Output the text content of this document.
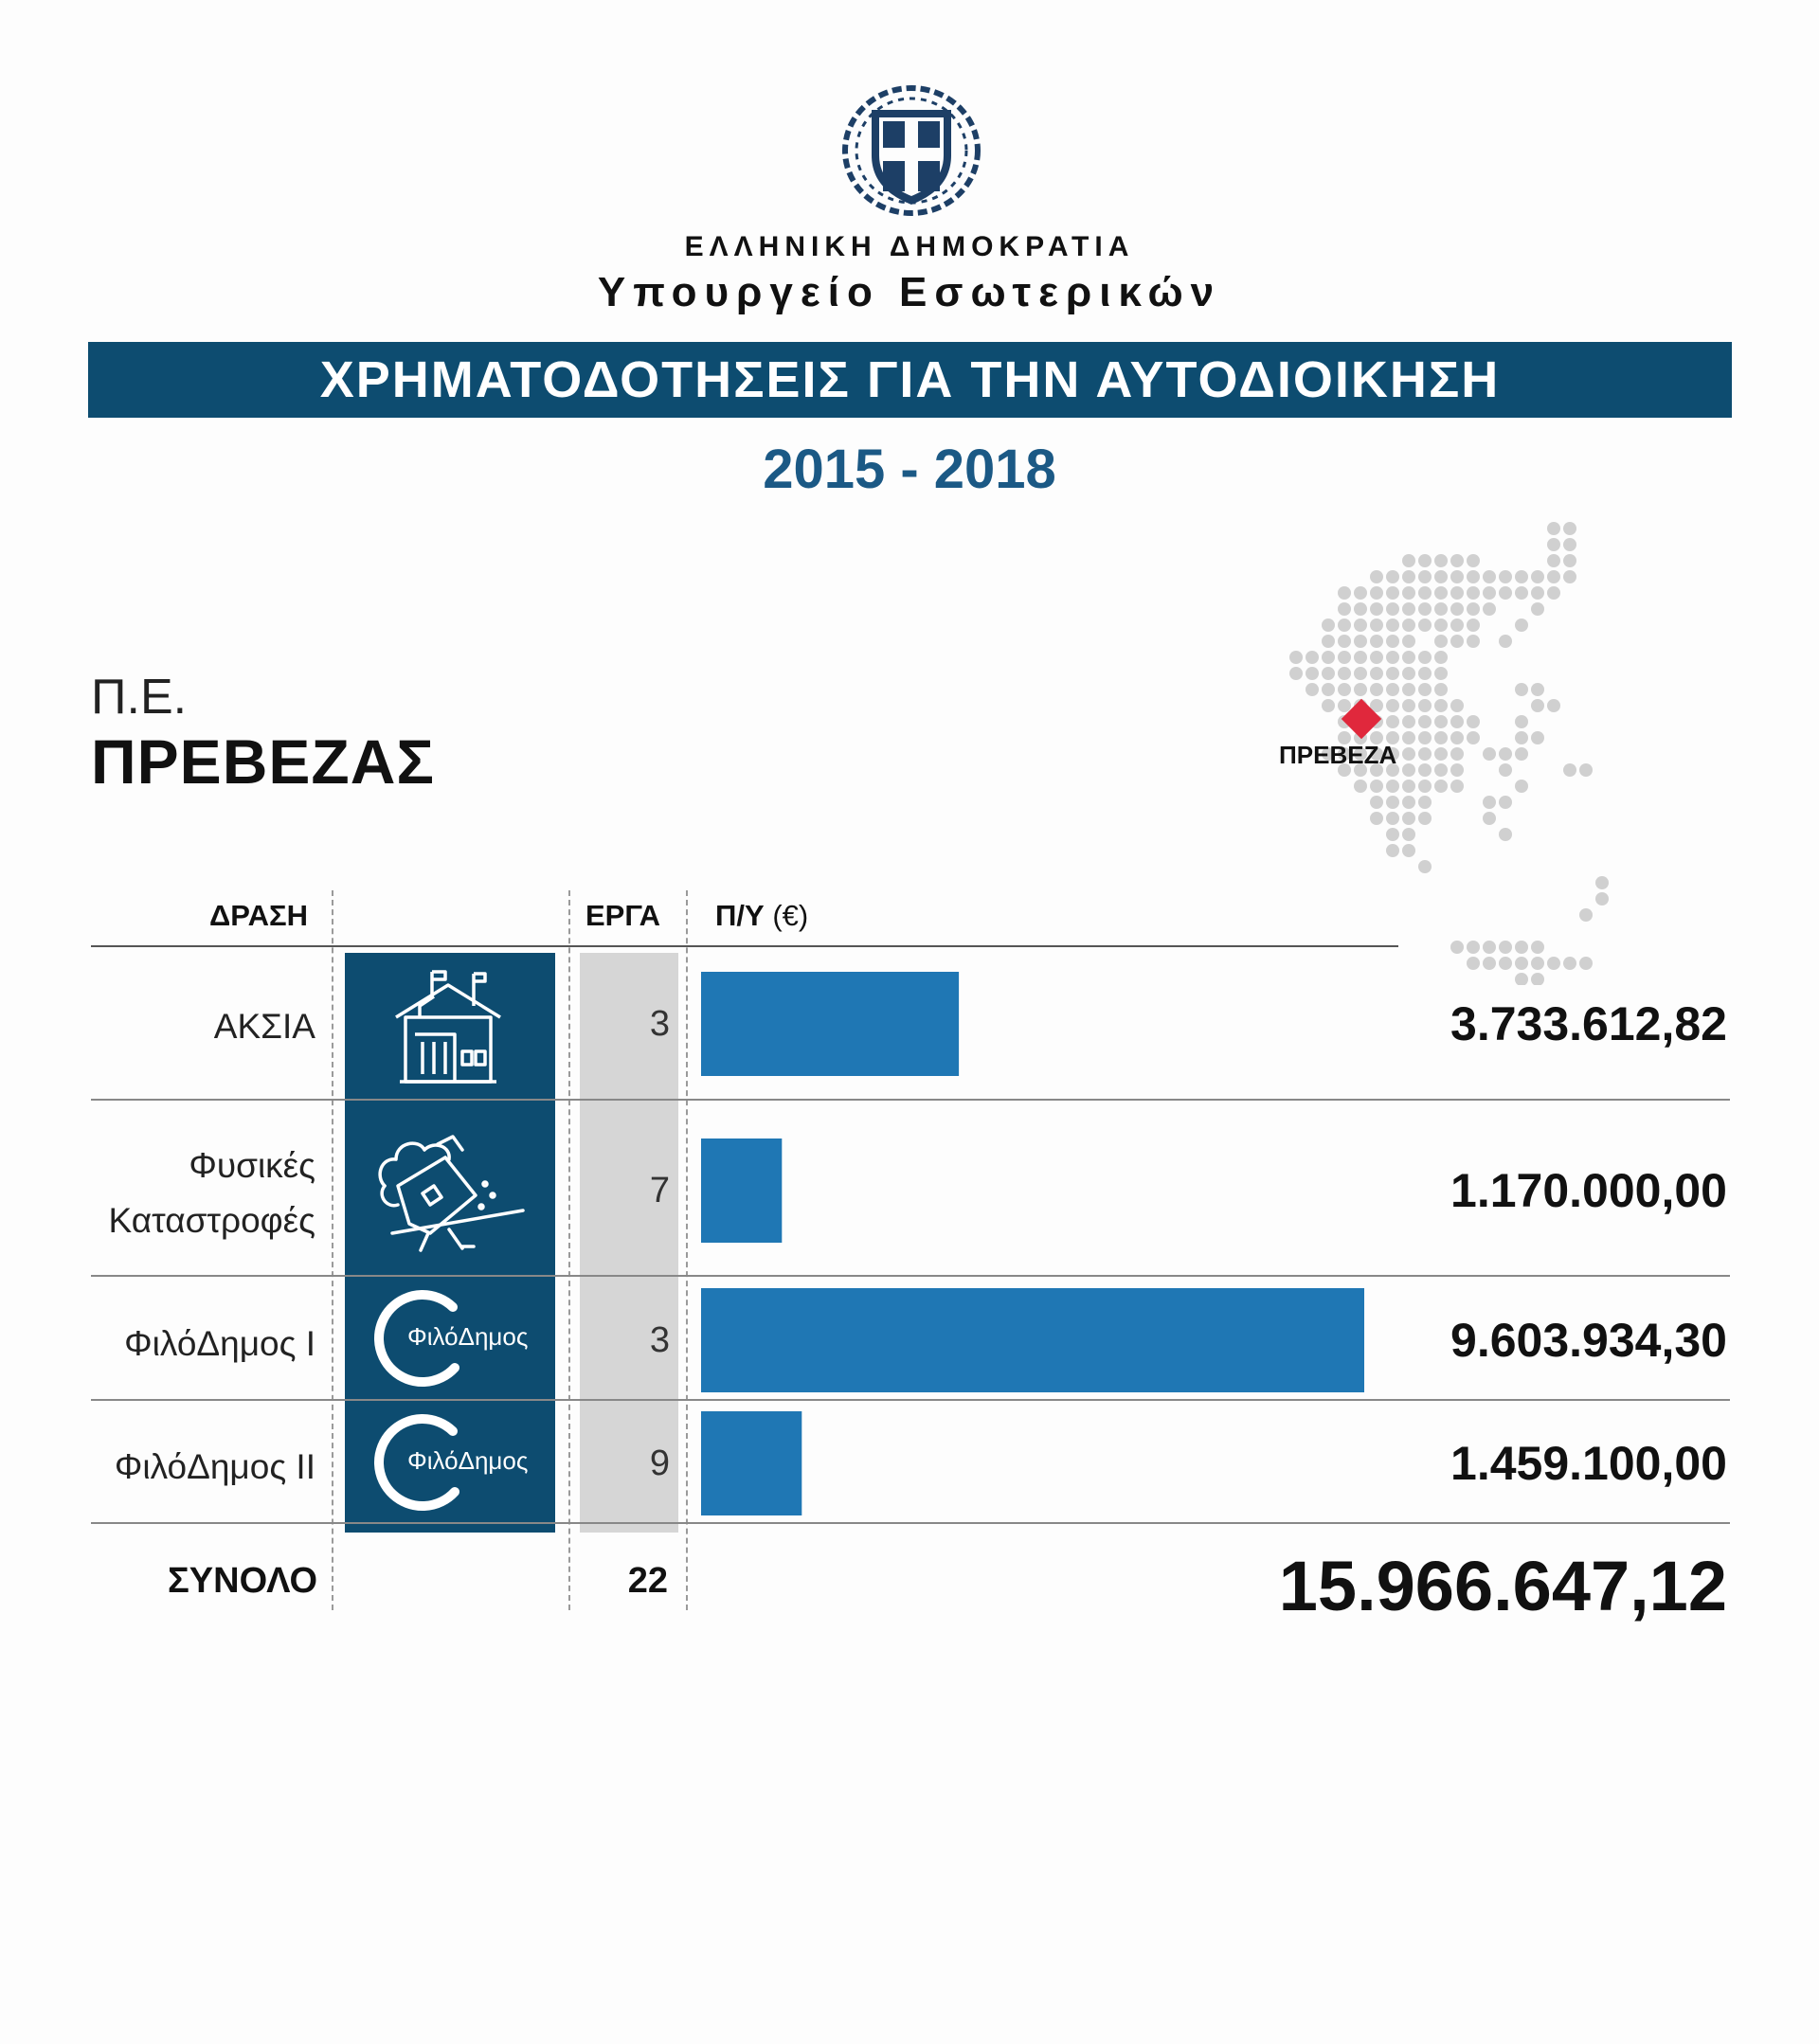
ΕΛΛΗΝΙΚΗ ΔΗΜΟΚΡΑΤΙΑ
Υπουργείο Εσωτερικών
ΧΡΗΜΑΤΟΔΟΤΗΣΕΙΣ ΓΙΑ ΤΗΝ ΑΥΤΟΔΙΟΙΚΗΣΗ
2015 - 2018
Π.Ε.
ΠΡΕΒΕΖΑΣ	ΠΡΕΒΕΖΑ
ΔΡΑΣΗ	ΕΡΓΑ	Π/Υ (€)
ΑΚΣΙΑ	3	3.733.612,82
Φυσικές
Καταστροφές
7	1.170.000,00
ΦιλόΔημος Ι	ΦιλόΔημος	3	9.603.934,30
ΦιλόΔημος ΙΙ	ΦιλόΔημος	9	1.459.100,00
ΣΥΝΟΛΟ	22	15.966.647,12
